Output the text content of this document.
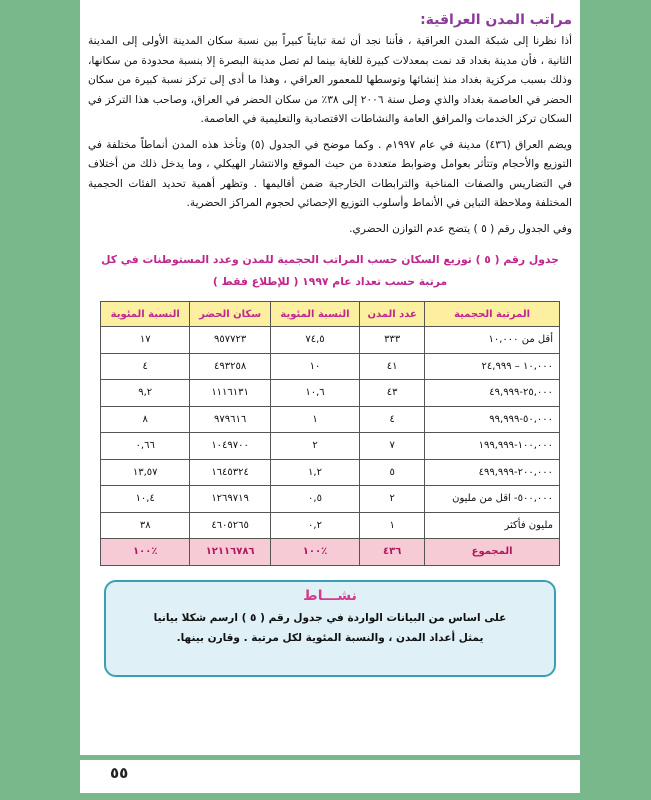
مراتب المدن العراقية:

أذا نظرنا إلى شبكة المدن العراقية ، فأننا نجد أن ثمة تبايناً كبيراً بين نسبة سكان المدينة الأولى إلى المدينة الثانية ، فأن مدينة بغداد قد نمت بمعدلات كبيرة للغاية بينما لم تصل مدينة البصرة إلا بنسبة محدودة من سكانها، وذلك بسبب مركزية بغداد منذ إنشائها وتوسطها للمعمور العراقي ، وهذا ما أدى إلى تركز نسبة كبيرة من سكان الحضر في العاصمة بغداد والذي وصل سنة ٢٠٠٦ إلى ٣٨٪ من سكان الحضر في العراق، وصاحب هذا التركز في السكان تركز الخدمات والمرافق العامة والنشاطات الاقتصادية والتعليمية في العاصمة.

ويضم العراق (٤٣٦) مدينة في عام ١٩٩٧م . وكما موضح في الجدول (٥) وتأخذ هذه المدن أنماطاً مختلفة في التوزيع والأحجام وتتأثر بعوامل وضوابط متعددة من حيث الموقع والانتشار الهيكلي ، وما يدخل ذلك من أختلاف في التضاريس والصفات المناخية والترابطات الخارجية ضمن أقاليمها . وتظهر أهمية تحديد الفئات الحجمية المختلفة وملاحظة التباين في الأنماط وأسلوب التوزيع الإحصائي لحجوم المراكز الحضرية.

وفي الجدول رقم ( ٥ ) يتضح عدم التوازن الحضري.

جدول رقم ( ٥ ) توزيع السكان حسب المراتب الحجمية للمدن وعدد المستوطنات في كل
مرتبة حسب تعداد عام ١٩٩٧ ( للإطلاع فقط )
المرتبة الحجمية	عدد المدن	النسبة المئوية	سكان الحضر	النسبة المئوية
أقل من ١٠,٠٠٠	٣٣٣	٧٤,٥	٩٥٧٧٢٣	١٧
١٠,٠٠٠ – ٢٤,٩٩٩	٤١	١٠	٤٩٣٢٥٨	٤
٢٥,٠٠٠-٤٩,٩٩٩	٤٣	١٠,٦	١١١٦١٣١	٩,٢
٥٠,٠٠٠-٩٩,٩٩٩	٤	١	٩٧٩٦١٦	٨
١٠٠,٠٠٠-١٩٩,٩٩٩	٧	٢	١٠٤٩٧٠٠	٠,٦٦
٢٠٠,٠٠٠-٤٩٩,٩٩٩	٥	١,٢	١٦٤٥٣٢٤	١٣,٥٧
٥٠٠,٠٠٠- اقل من مليون	٢	٠,٥	١٢٦٩٧١٩	١٠,٤
مليون فأكثر	١	٠,٢	٤٦٠٥٢٦٥	٣٨
المجموع	٤٣٦	٪١٠٠	١٢١١٦٧٨٦	٪١٠٠
نشـــاط

على اساس من البيانات الواردة في جدول رقم ( ٥ ) ارسم شكلا بيانيا

يمثل أعداد المدن ، والنسبة المئوية لكل مرتبة . وقارن بينها.

٥٥
